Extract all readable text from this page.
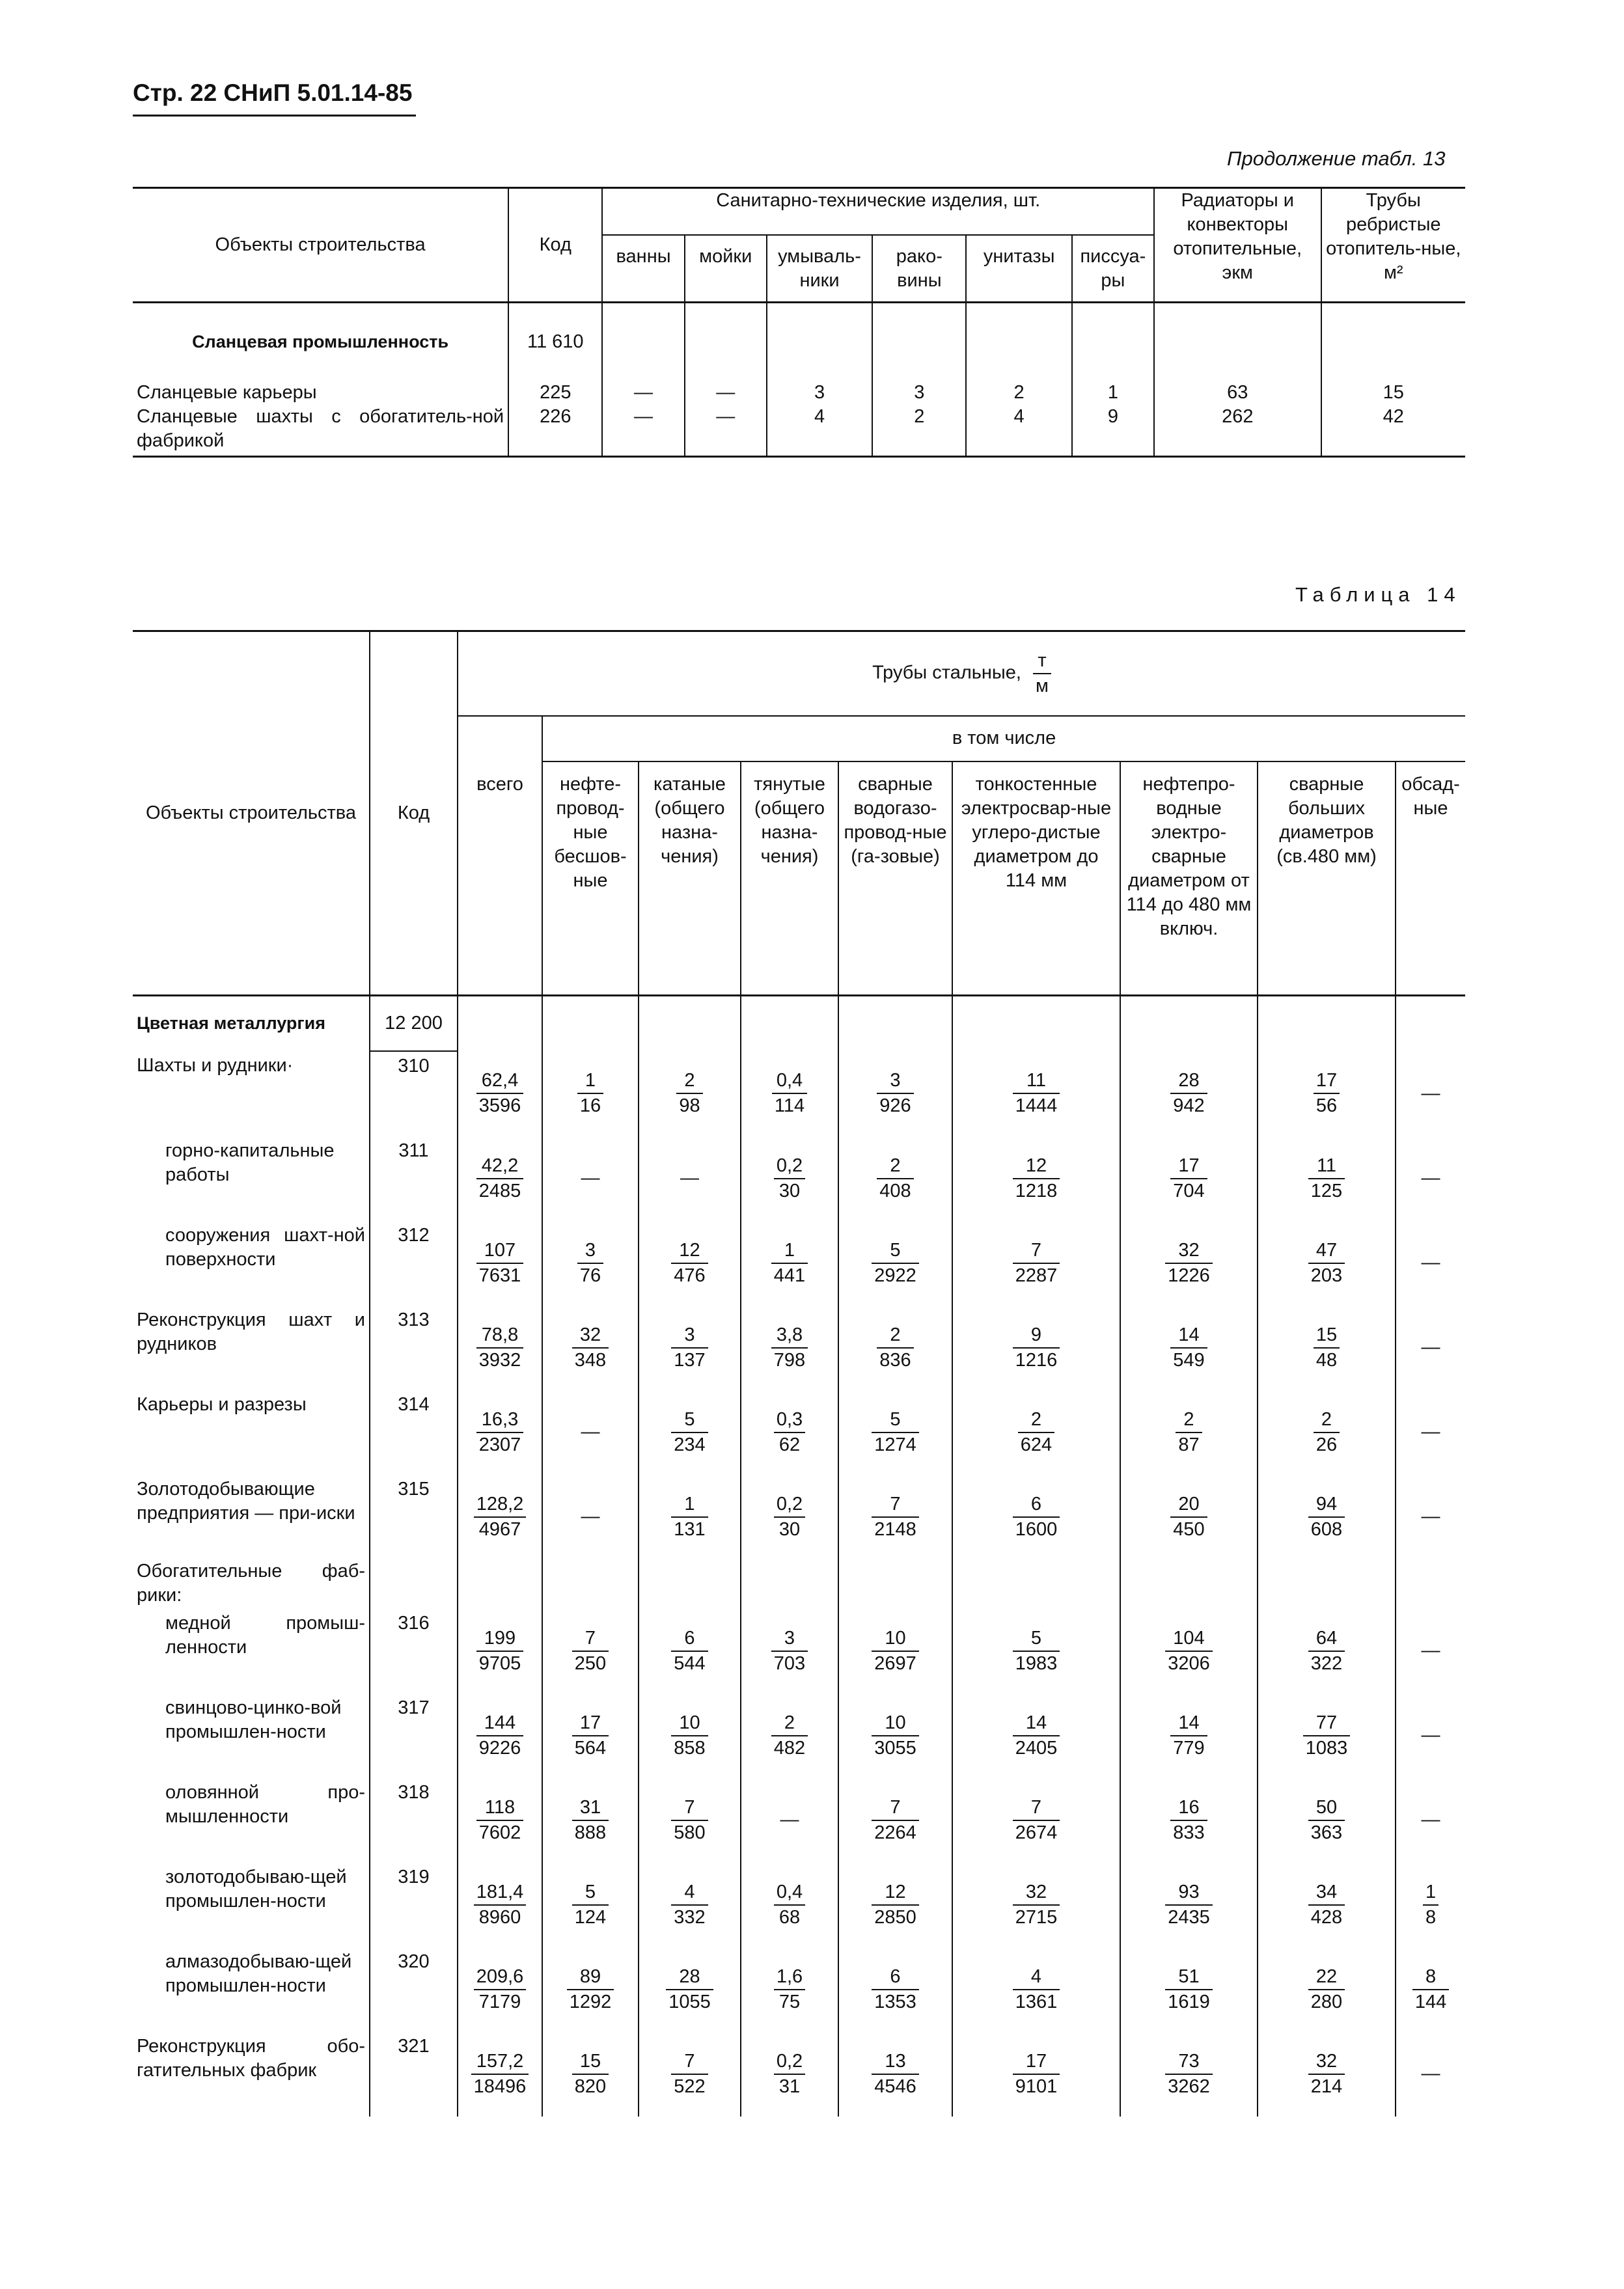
Стр. 22 СНиП 5.01.14-85
Продолжение табл. 13
Объекты строительства	Код	Санитарно-технические изделия, шт.						Радиаторы и конвекторы отопительные, экм	Трубы ребристые отопитель-ные, м²
		ванны	мойки	умываль-ники	рако-вины	унитазы	писсуа-ры		
Сланцевая промышленность	11 610								
Сланцевые карьеры	225	—	—	3	3	2	1	63	15
Сланцевые шахты с обогатитель-ной фабрикой	226	—	—	4	2	4	9	262	42
Таблица 14
Объекты строительства	Код	Трубы стальные, $\frac{т}{м}$

		всего	в том числе							
			нефте-провод-ные бесшов-ные	катаные (общего назна-чения)	тянутые (общего назна-чения)	сварные водогазо-провод-ные (га-зовые)	тонкостенные электросвар-ные углеро-дистые диаметром до 114 мм	нефтепро-водные электро-сварные диаметром от 114 до 480 мм включ.	сварные больших диаметров (св.480 мм)	обсад-ные
Цветная металлургия	12 200									
Шахты и рудники·	310	$\frac{62,4}{3596}$	$\frac{1}{16}$	$\frac{2}{98}$	$\frac{0,4}{114}$	$\frac{3}{926}$	$\frac{11}{1444}$	$\frac{28}{942}$	$\frac{17}{56}$	—
горно-капитальные работы	311	$\frac{42,2}{2485}$	—	—	$\frac{0,2}{30}$	$\frac{2}{408}$	$\frac{12}{1218}$	$\frac{17}{704}$	$\frac{11}{125}$	—
сооружения шахт-ной поверхности	312	$\frac{107}{7631}$	$\frac{3}{76}$	$\frac{12}{476}$	$\frac{1}{441}$	$\frac{5}{2922}$	$\frac{7}{2287}$	$\frac{32}{1226}$	$\frac{47}{203}$	—
Реконструкция шахт и рудников	313	$\frac{78,8}{3932}$	$\frac{32}{348}$	$\frac{3}{137}$	$\frac{3,8}{798}$	$\frac{2}{836}$	$\frac{9}{1216}$	$\frac{14}{549}$	$\frac{15}{48}$	—
Карьеры и разрезы	314	$\frac{16,3}{2307}$	—	$\frac{5}{234}$	$\frac{0,3}{62}$	$\frac{5}{1274}$	$\frac{2}{624}$	$\frac{2}{87}$	$\frac{2}{26}$	—
Золотодобывающие предприятия — при-иски	315	$\frac{128,2}{4967}$	—	$\frac{1}{131}$	$\frac{0,2}{30}$	$\frac{7}{2148}$	$\frac{6}{1600}$	$\frac{20}{450}$	$\frac{94}{608}$	—
Обогатительные фаб-рики:										
медной промыш-ленности	316	$\frac{199}{9705}$	$\frac{7}{250}$	$\frac{6}{544}$	$\frac{3}{703}$	$\frac{10}{2697}$	$\frac{5}{1983}$	$\frac{104}{3206}$	$\frac{64}{322}$	—
свинцово-цинко-вой промышлен-ности	317	$\frac{144}{9226}$	$\frac{17}{564}$	$\frac{10}{858}$	$\frac{2}{482}$	$\frac{10}{3055}$	$\frac{14}{2405}$	$\frac{14}{779}$	$\frac{77}{1083}$	—
оловянной про-мышленности	318	$\frac{118}{7602}$	$\frac{31}{888}$	$\frac{7}{580}$	—	$\frac{7}{2264}$	$\frac{7}{2674}$	$\frac{16}{833}$	$\frac{50}{363}$	—
золотодобываю-щей промышлен-ности	319	$\frac{181,4}{8960}$	$\frac{5}{124}$	$\frac{4}{332}$	$\frac{0,4}{68}$	$\frac{12}{2850}$	$\frac{32}{2715}$	$\frac{93}{2435}$	$\frac{34}{428}$	$\frac{1}{8}$

алмазодобываю-щей промышлен-ности	320	$\frac{209,6}{7179}$	$\frac{89}{1292}$	$\frac{28}{1055}$	$\frac{1,6}{75}$	$\frac{6}{1353}$	$\frac{4}{1361}$	$\frac{51}{1619}$	$\frac{22}{280}$	$\frac{8}{144}$

Реконструкция обо-гатительных фабрик	321	$\frac{157,2}{18496}$	$\frac{15}{820}$	$\frac{7}{522}$	$\frac{0,2}{31}$	$\frac{13}{4546}$	$\frac{17}{9101}$	$\frac{73}{3262}$	$\frac{32}{214}$	—
